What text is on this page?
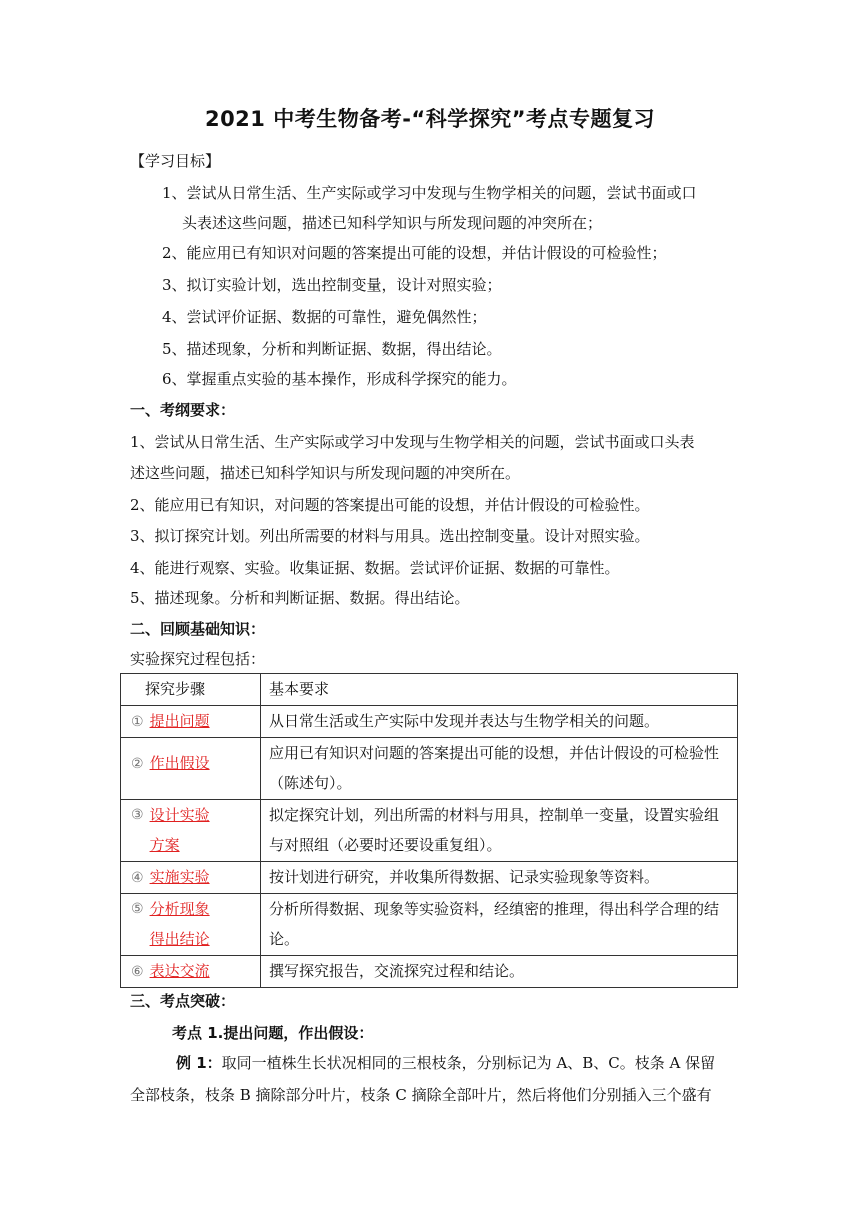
2021 中考生物备考-“科学探究”考点专题复习
【学习目标】
1、尝试从日常生活、生产实际或学习中发现与生物学相关的问题，尝试书面或口
头表述这些问题，描述已知科学知识与所发现问题的冲突所在；
2、能应用已有知识对问题的答案提出可能的设想，并估计假设的可检验性；
3、拟订实验计划，选出控制变量，设计对照实验；
4、尝试评价证据、数据的可靠性，避免偶然性；
5、描述现象，分析和判断证据、数据，得出结论。
6、掌握重点实验的基本操作，形成科学探究的能力。
一、考纲要求：
1、尝试从日常生活、生产实际或学习中发现与生物学相关的问题，尝试书面或口头表
述这些问题，描述已知科学知识与所发现问题的冲突所在。
2、能应用已有知识，对问题的答案提出可能的设想，并估计假设的可检验性。
3、拟订探究计划。列出所需要的材料与用具。选出控制变量。设计对照实验。
4、能进行观察、实验。收集证据、数据。尝试评价证据、数据的可靠性。
5、描述现象。分析和判断证据、数据。得出结论。
二、回顾基础知识：
实验探究过程包括：
探究步骤	基本要求
① 提出问题	从日常生活或生产实际中发现并表达与生物学相关的问题。
② 作出假设	应用已有知识对问题的答案提出可能的设想，并估计假设的可检验性（陈述句）。

③ 设计实验方案	拟定探究计划，列出所需的材料与用具，控制单一变量，设置实验组与对照组（必要时还要设重复组）。
④ 实施实验	按计划进行研究，并收集所得数据、记录实验现象等资料。

⑤ 分析现象得出结论	分析所得数据、现象等实验资料，经缜密的推理，得出科学合理的结论。
⑥ 表达交流	撰写探究报告，交流探究过程和结论。
三、考点突破：
考点 1.提出问题，作出假设：
例 1：取同一植株生长状况相同的三根枝条，分别标记为 A、B、C。枝条 A 保留
全部枝条，枝条 B 摘除部分叶片，枝条 C 摘除全部叶片，然后将他们分别插入三个盛有
